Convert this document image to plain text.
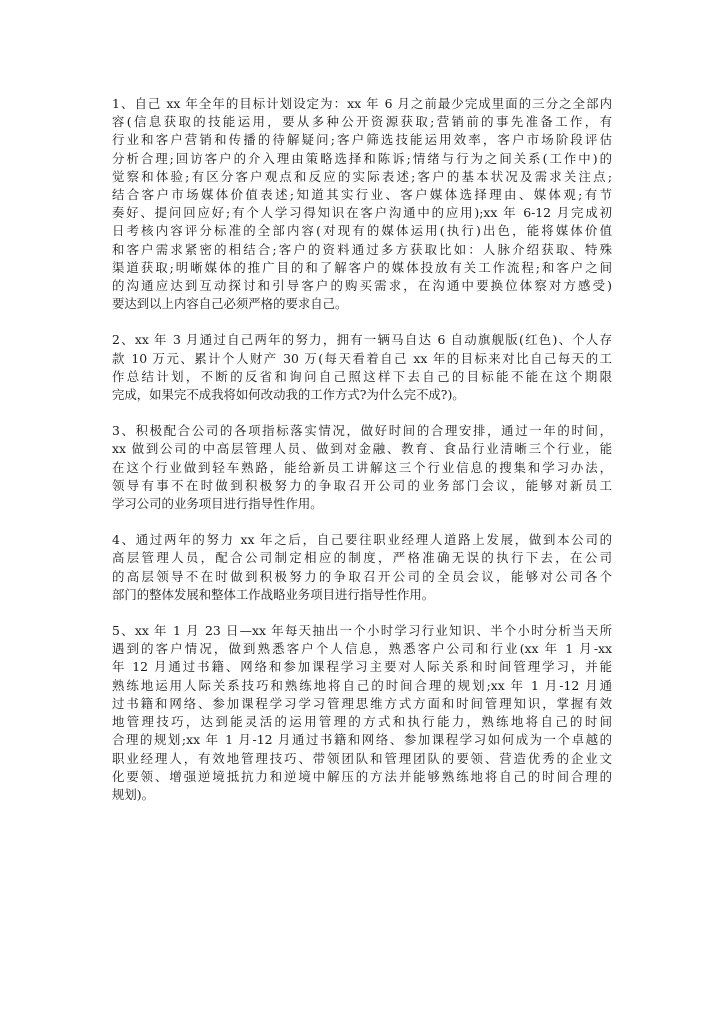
1、自己 xx 年全年的目标计划设定为：xx 年 6 月之前最少完成里面的三分之全部内
容(信息获取的技能运用，要从多种公开资源获取;营销前的事先准备工作，有
行业和客户营销和传播的待解疑问;客户筛选技能运用效率，客户市场阶段评估
分析合理;回访客户的介入理由策略选择和陈诉;情绪与行为之间关系(工作中)的
觉察和体验;有区分客户观点和反应的实际表述;客户的基本状况及需求关注点;
结合客户市场媒体价值表述;知道其实行业、客户媒体选择理由、媒体观;有节
奏好、提问回应好;有个人学习得知识在客户沟通中的应用);xx 年 6-12 月完成初
日考核内容评分标准的全部内容(对现有的媒体运用(执行)出色，能将媒体价值
和客户需求紧密的相结合;客户的资料通过多方获取比如：人脉介绍获取、特殊
渠道获取;明晰媒体的推广目的和了解客户的媒体投放有关工作流程;和客户之间
的沟通应达到互动探讨和引导客户的购买需求，在沟通中要换位体察对方感受)
要达到以上内容自己必须严格的要求自己。
2、xx 年 3 月通过自己两年的努力，拥有一辆马自达 6 自动旗舰版(红色)、个人存
款 10 万元、累计个人财产 30 万(每天看着自己 xx 年的目标来对比自己每天的工
作总结计划，不断的反省和询问自己照这样下去自己的目标能不能在这个期限
完成，如果完不成我将如何改动我的工作方式?为什么完不成?)。
3、积极配合公司的各项指标落实情况，做好时间的合理安排，通过一年的时间，
xx 做到公司的中高层管理人员、做到对金融、教育、食品行业清晰三个行业，能
在这个行业做到轻车熟路，能给新员工讲解这三个行业信息的搜集和学习办法，
领导有事不在时做到积极努力的争取召开公司的业务部门会议，能够对新员工
学习公司的业务项目进行指导性作用。
4、通过两年的努力 xx 年之后，自己要往职业经理人道路上发展，做到本公司的
高层管理人员，配合公司制定相应的制度，严格准确无误的执行下去，在公司
的高层领导不在时做到积极努力的争取召开公司的全员会议，能够对公司各个
部门的整体发展和整体工作战略业务项目进行指导性作用。
5、xx 年 1 月 23 日—xx 年每天抽出一个小时学习行业知识、半个小时分析当天所
遇到的客户情况，做到熟悉客户个人信息，熟悉客户公司和行业(xx 年 1 月-xx
年 12 月通过书籍、网络和参加课程学习主要对人际关系和时间管理学习，并能
熟练地运用人际关系技巧和熟练地将自己的时间合理的规划;xx 年 1 月-12 月通
过书籍和网络、参加课程学习学习管理思维方式方面和时间管理知识，掌握有效
地管理技巧，达到能灵活的运用管理的方式和执行能力，熟练地将自己的时间
合理的规划;xx 年 1 月-12 月通过书籍和网络、参加课程学习如何成为一个卓越的
职业经理人，有效地管理技巧、带领团队和管理团队的要领、营造优秀的企业文
化要领、增强逆境抵抗力和逆境中解压的方法并能够熟练地将自己的时间合理的
规划)。
